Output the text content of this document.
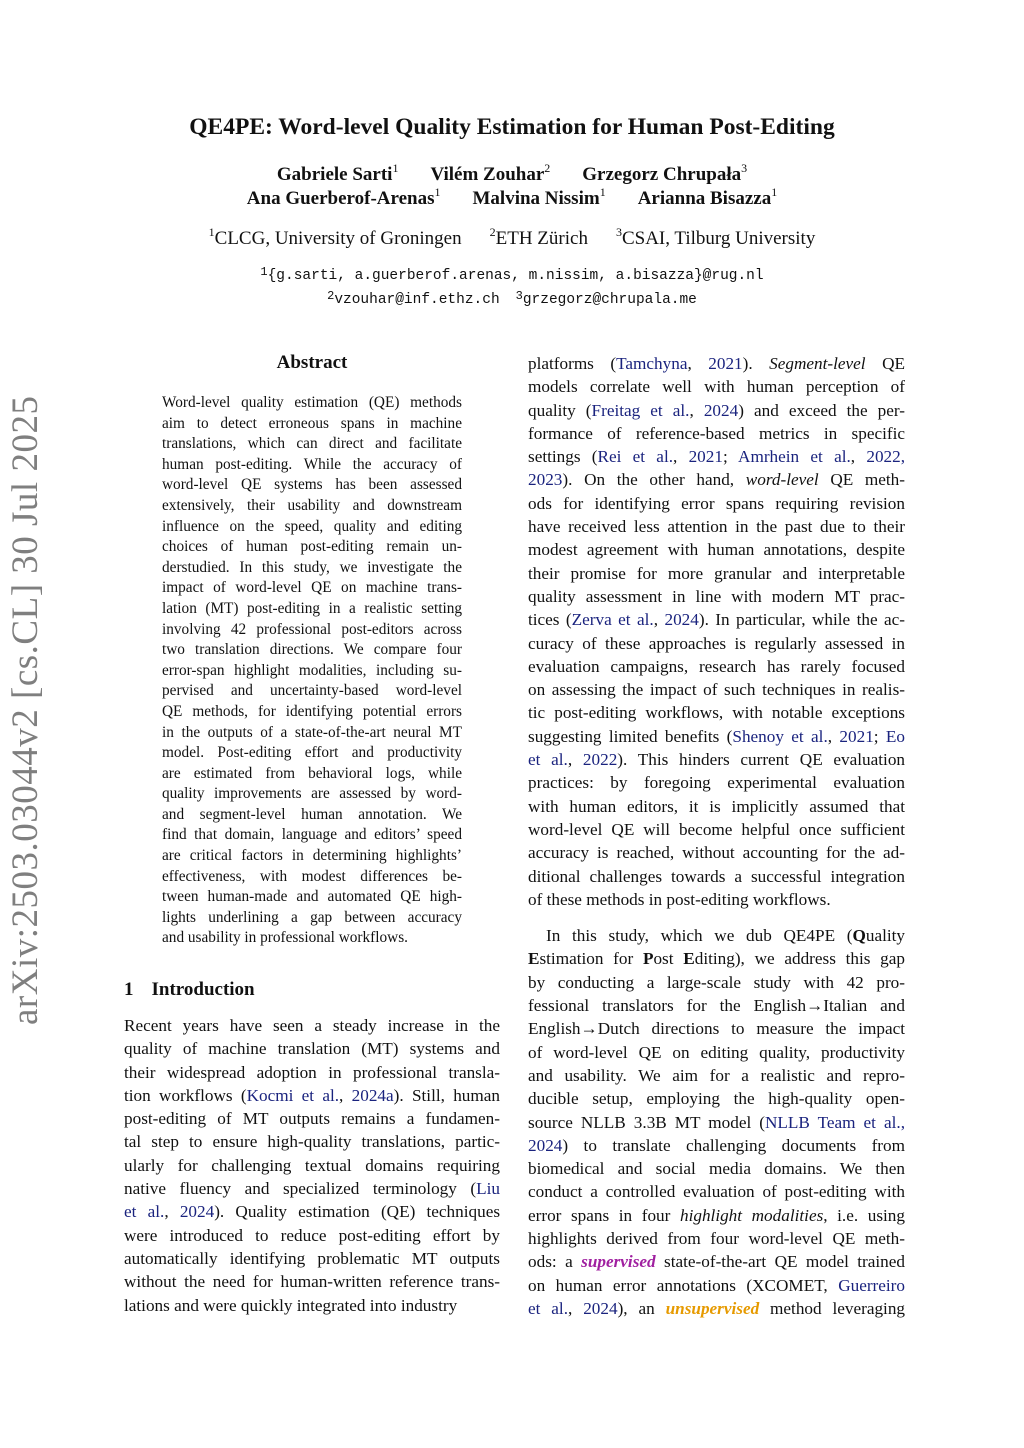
arXiv:2503.03044v2 [cs.CL] 30 Jul 2025
QE4PE: Word-level Quality Estimation for Human Post-Editing
Gabriele Sarti$^1$ Vilém Zouhar$^2$ Grzegorz Chrupała$^3$
Ana Guerberof-Arenas$^1$ Malvina Nissim$^1$ Arianna Bisazza$^1$
$^1$CLCG, University of Groningen $^2$ETH Zürich $^3$CSAI, Tilburg University
$^1${g.sarti, a.guerberof.arenas, m.nissim, a.bisazza}@rug.nl
$^2$vzouhar@inf.ethz.ch $^3$grzegorz@chrupala.me
Abstract
Word-level quality estimation (QE) methods
aim to detect erroneous spans in machine
translations, which can direct and facilitate
human post-editing. While the accuracy of
word-level QE systems has been assessed
extensively, their usability and downstream
influence on the speed, quality and editing
choices of human post-editing remain un-
derstudied. In this study, we investigate the
impact of word-level QE on machine trans-
lation (MT) post-editing in a realistic setting
involving 42 professional post-editors across
two translation directions. We compare four
error-span highlight modalities, including su-
pervised and uncertainty-based word-level
QE methods, for identifying potential errors
in the outputs of a state-of-the-art neural MT
model. Post-editing effort and productivity
are estimated from behavioral logs, while
quality improvements are assessed by word-
and segment-level human annotation. We
find that domain, language and editors’ speed
are critical factors in determining highlights’
effectiveness, with modest differences be-
tween human-made and automated QE high-
lights underlining a gap between accuracy
and usability in professional workflows.
1 Introduction
Recent years have seen a steady increase in the
quality of machine translation (MT) systems and
their widespread adoption in professional transla-
tion workflows (Kocmi et al., 2024a). Still, human
post-editing of MT outputs remains a fundamen-
tal step to ensure high-quality translations, partic-
ularly for challenging textual domains requiring
native fluency and specialized terminology (Liu
et al., 2024). Quality estimation (QE) techniques
were introduced to reduce post-editing effort by
automatically identifying problematic MT outputs
without the need for human-written reference trans-
lations and were quickly integrated into industry
platforms (Tamchyna, 2021). Segment-level QE
models correlate well with human perception of
quality (Freitag et al., 2024) and exceed the per-
formance of reference-based metrics in specific
settings (Rei et al., 2021; Amrhein et al., 2022,
2023). On the other hand, word-level QE meth-
ods for identifying error spans requiring revision
have received less attention in the past due to their
modest agreement with human annotations, despite
their promise for more granular and interpretable
quality assessment in line with modern MT prac-
tices (Zerva et al., 2024). In particular, while the ac-
curacy of these approaches is regularly assessed in
evaluation campaigns, research has rarely focused
on assessing the impact of such techniques in realis-
tic post-editing workflows, with notable exceptions
suggesting limited benefits (Shenoy et al., 2021; Eo
et al., 2022). This hinders current QE evaluation
practices: by foregoing experimental evaluation
with human editors, it is implicitly assumed that
word-level QE will become helpful once sufficient
accuracy is reached, without accounting for the ad-
ditional challenges towards a successful integration
of these methods in post-editing workflows.
In this study, which we dub QE4PE (Quality
Estimation for Post Editing), we address this gap
by conducting a large-scale study with 42 pro-
fessional translators for the English→Italian and
English→Dutch directions to measure the impact
of word-level QE on editing quality, productivity
and usability. We aim for a realistic and repro-
ducible setup, employing the high-quality open-
source NLLB 3.3B MT model (NLLB Team et al.,
2024) to translate challenging documents from
biomedical and social media domains. We then
conduct a controlled evaluation of post-editing with
error spans in four highlight modalities, i.e. using
highlights derived from four word-level QE meth-
ods: a supervised state-of-the-art QE model trained
on human error annotations (XCOMET, Guerreiro
et al., 2024), an unsupervised method leveraging
